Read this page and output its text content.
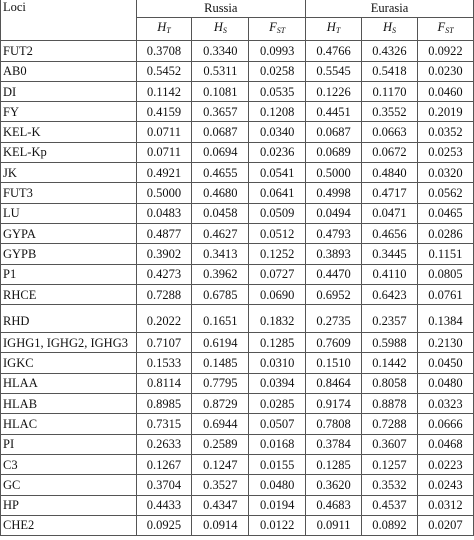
Loci	Russia			Eurasia		
	$H_T$	$H_S$	$F_{ST}$	$H_T$	$H_S$	$F_{ST}$
FUT2	0.3708	0.3340	0.0993	0.4766	0.4326	0.0922
AB0	0.5452	0.5311	0.0258	0.5545	0.5418	0.0230
DI	0.1142	0.1081	0.0535	0.1226	0.1170	0.0460
FY	0.4159	0.3657	0.1208	0.4451	0.3552	0.2019
KEL-K	0.0711	0.0687	0.0340	0.0687	0.0663	0.0352
KEL-Kp	0.0711	0.0694	0.0236	0.0689	0.0672	0.0253
JK	0.4921	0.4655	0.0541	0.5000	0.4840	0.0320
FUT3	0.5000	0.4680	0.0641	0.4998	0.4717	0.0562
LU	0.0483	0.0458	0.0509	0.0494	0.0471	0.0465
GYPA	0.4877	0.4627	0.0512	0.4793	0.4656	0.0286
GYPB	0.3902	0.3413	0.1252	0.3893	0.3445	0.1151
P1	0.4273	0.3962	0.0727	0.4470	0.4110	0.0805
RHCE	0.7288	0.6785	0.0690	0.6952	0.6423	0.0761
RHD	0.2022	0.1651	0.1832	0.2735	0.2357	0.1384
IGHG1, IGHG2, IGHG3	0.7107	0.6194	0.1285	0.7609	0.5988	0.2130
IGKC	0.1533	0.1485	0.0310	0.1510	0.1442	0.0450
HLAA	0.8114	0.7795	0.0394	0.8464	0.8058	0.0480
HLAB	0.8985	0.8729	0.0285	0.9174	0.8878	0.0323
HLAC	0.7315	0.6944	0.0507	0.7808	0.7288	0.0666
PI	0.2633	0.2589	0.0168	0.3784	0.3607	0.0468
C3	0.1267	0.1247	0.0155	0.1285	0.1257	0.0223
GC	0.3704	0.3527	0.0480	0.3620	0.3532	0.0243
HP	0.4433	0.4347	0.0194	0.4683	0.4537	0.0312
CHE2	0.0925	0.0914	0.0122	0.0911	0.0892	0.0207
